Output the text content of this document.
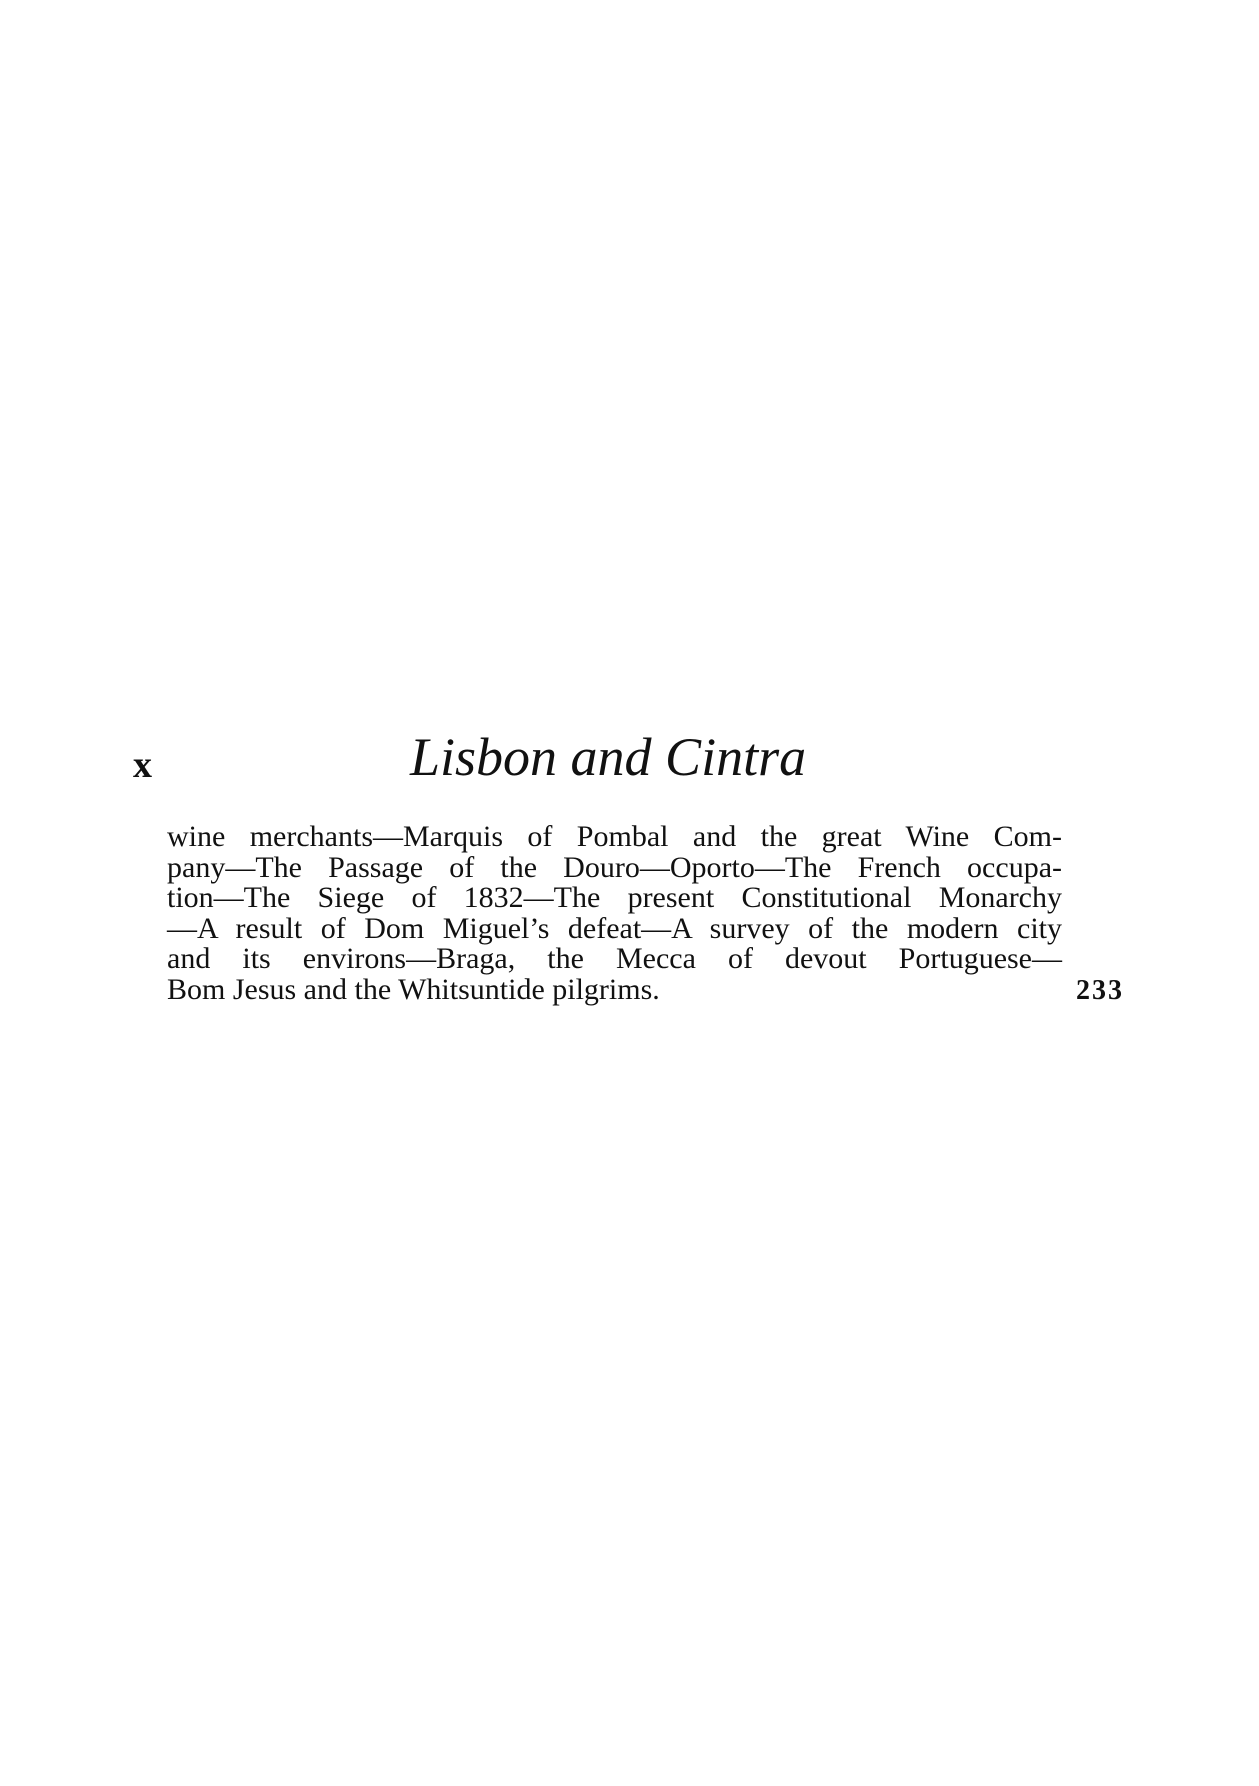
x	Lisbon and Cintra
wine merchants—Marquis of Pombal and the great Wine Com-
pany—The Passage of the Douro—Oporto—The French occupa-
tion—The Siege of 1832—The present Constitutional Monarchy
—A result of Dom Miguel’s defeat—A survey of the modern city
and its environs—Braga, the Mecca of devout Portuguese—
Bom Jesus and the Whitsuntide pilgrims.	233
